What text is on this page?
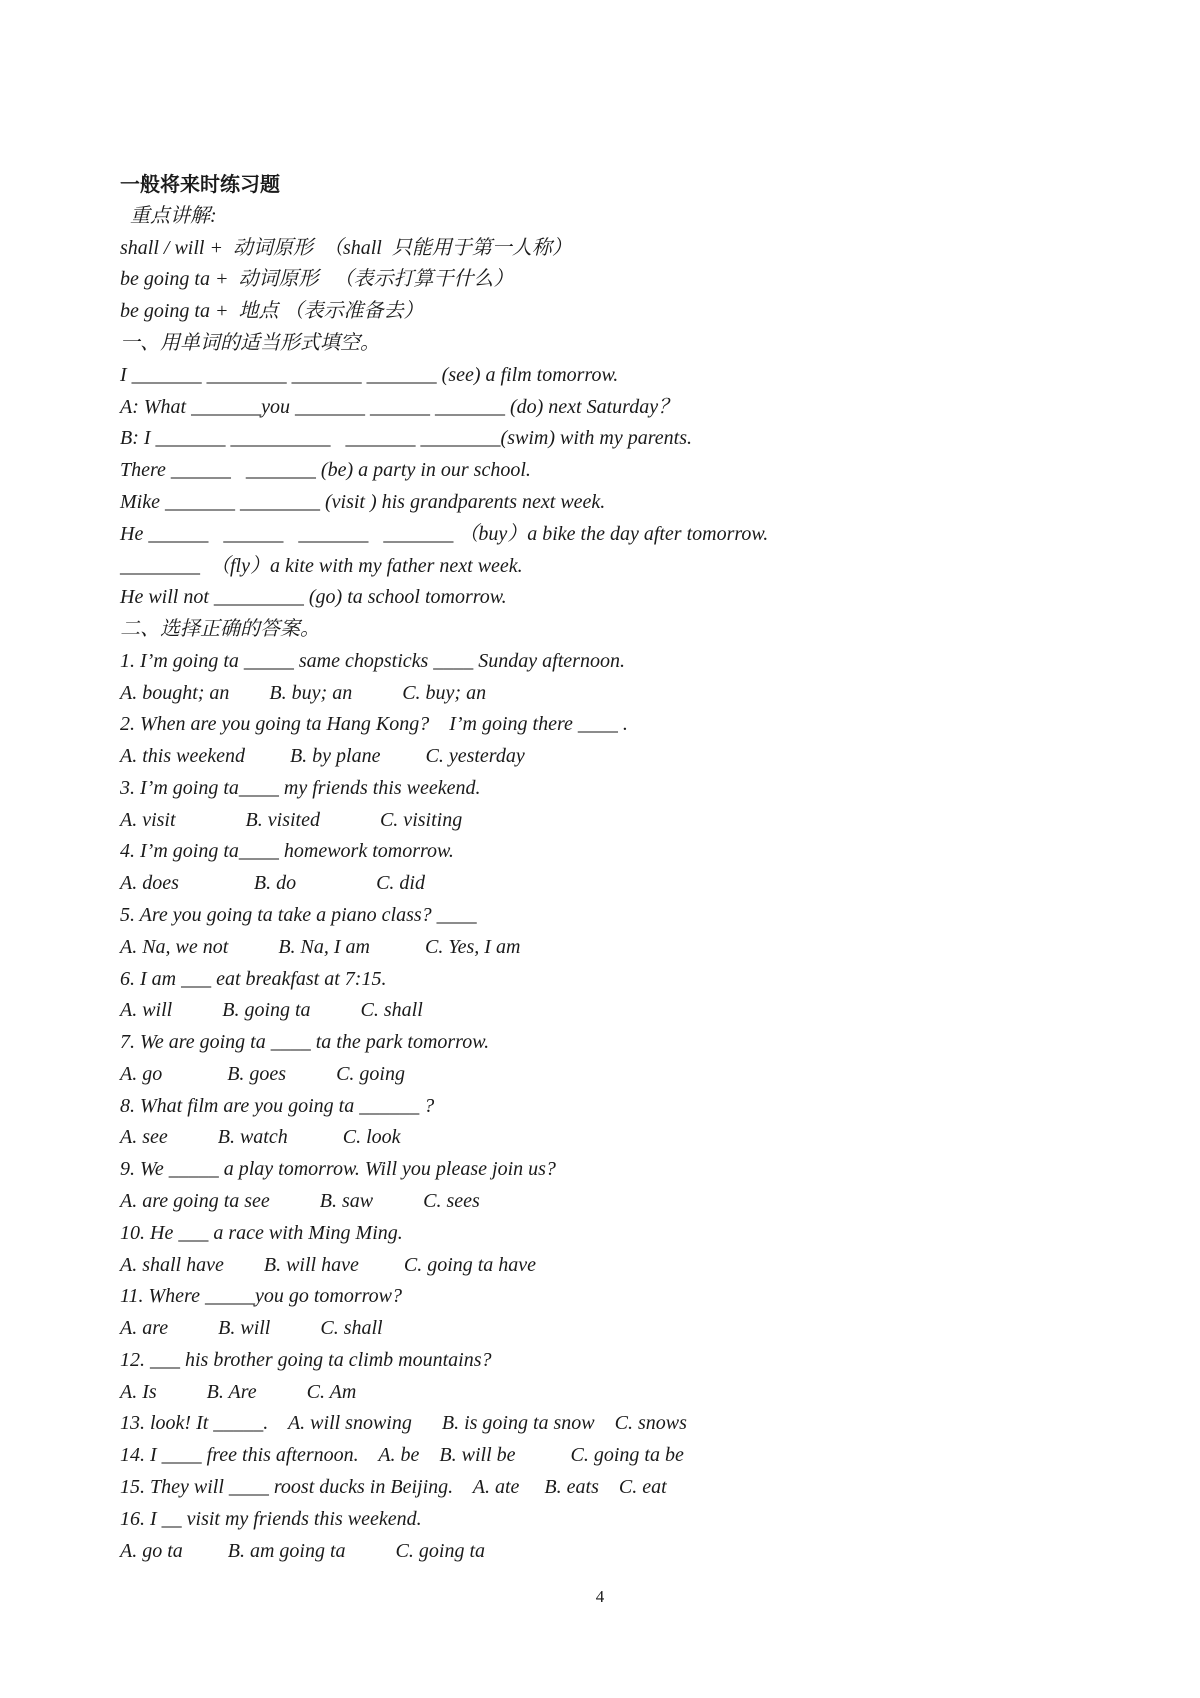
一般将来时练习题
重点讲解:
shall / will +  动词原形  （shall  只能用于第一人称）
be going ta +  动词原形   （表示打算干什么）
be going ta +  地点 （表示准备去）
一、用单词的适当形式填空。
I _______ ________ _______ _______ (see) a film tomorrow.
A: What _______you _______ ______ _______ (do) next Saturday？
B: I _______ __________   _______ ________(swim) with my parents.
There ______   _______ (be) a party in our school.
Mike _______ ________ (visit ) his grandparents next week.
He ______   ______   _______   _______ （buy）a bike the day after tomorrow.
________  （fly）a kite with my father next week.
He will not _________ (go) ta school tomorrow.
二、选择正确的答案。
1. I’m going ta _____ same chopsticks ____ Sunday afternoon.
A. bought; an        B. buy; an          C. buy; an
2. When are you going ta Hang Kong?    I’m going there ____ .
A. this weekend         B. by plane         C. yesterday
3. I’m going ta____ my friends this weekend.
A. visit              B. visited            C. visiting
4. I’m going ta____ homework tomorrow.
A. does               B. do                C. did
5. Are you going ta take a piano class? ____
A. Na, we not          B. Na, I am           C. Yes, I am
6. I am ___ eat breakfast at 7:15.
A. will          B. going ta          C. shall
7. We are going ta ____ ta the park tomorrow.
A. go             B. goes          C. going
8. What film are you going ta ______ ?
A. see          B. watch           C. look
9. We _____ a play tomorrow. Will you please join us?
A. are going ta see          B. saw          C. sees
10. He ___ a race with Ming Ming.
A. shall have        B. will have         C. going ta have
11. Where _____you go tomorrow?
A. are          B. will          C. shall
12. ___ his brother going ta climb mountains?
A. Is          B. Are          C. Am
13. look! It _____.    A. will snowing      B. is going ta snow    C. snows
14. I ____ free this afternoon.    A. be    B. will be           C. going ta be
15. They will ____ roost ducks in Beijing.    A. ate     B. eats    C. eat
16. I __ visit my friends this weekend.
A. go ta         B. am going ta          C. going ta
4
